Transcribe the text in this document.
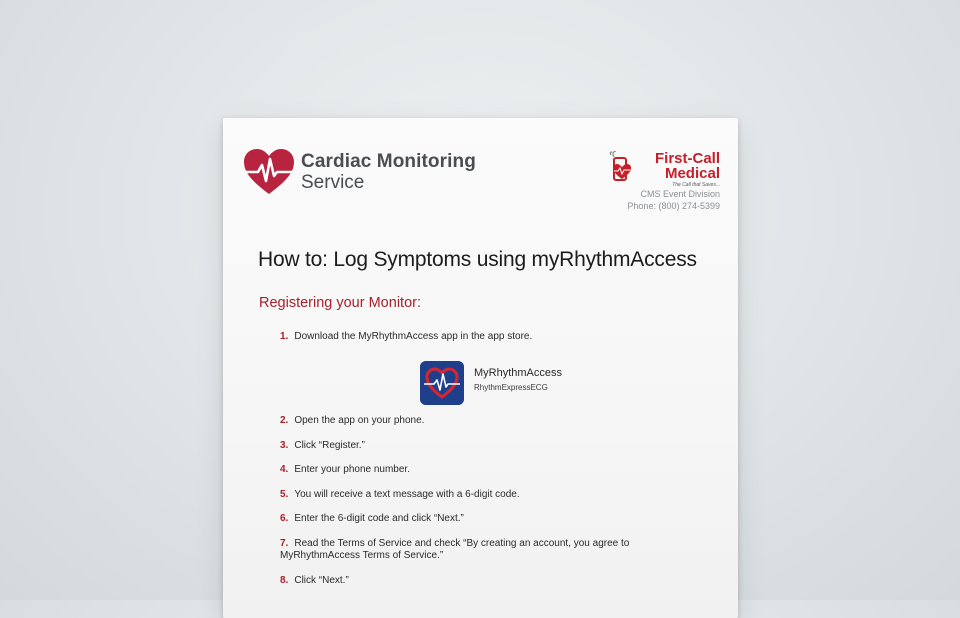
Cardiac Monitoring
Service
First-Call
Medical
The Call that Saves...
CMS Event Division
Phone: (800) 274-5399
How to: Log Symptoms using myRhythmAccess
Registering your Monitor:
1. Download the MyRhythmAccess app in the app store.
MyRhythmAccess
RhythmExpressECG
2. Open the app on your phone.
3. Click “Register.”
4. Enter your phone number.
5. You will receive a text message with a 6-digit code.
6. Enter the 6-digit code and click “Next.”
7. Read the Terms of Service and check “By creating an account, you agree to
MyRhythmAccess Terms of Service.”
8. Click “Next.”
